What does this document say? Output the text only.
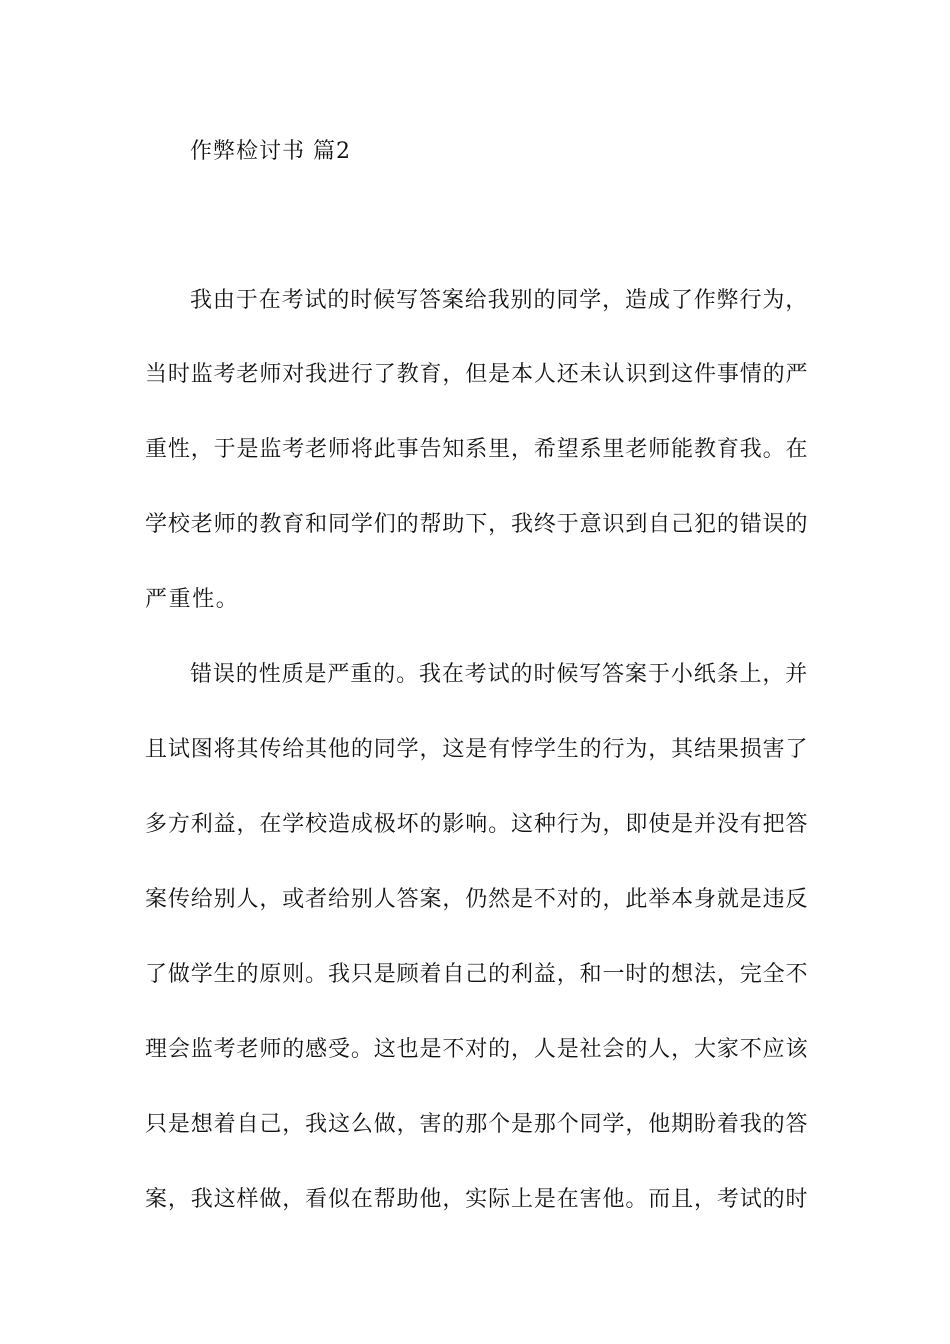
作弊检讨书 篇2
我由于在考试的时候写答案给我别的同学，造成了作弊行为，
当时监考老师对我进行了教育，但是本人还未认识到这件事情的严
重性，于是监考老师将此事告知系里，希望系里老师能教育我。在
学校老师的教育和同学们的帮助下，我终于意识到自己犯的错误的
严重性。
错误的性质是严重的。我在考试的时候写答案于小纸条上，并
且试图将其传给其他的同学，这是有悖学生的行为，其结果损害了
多方利益，在学校造成极坏的影响。这种行为，即使是并没有把答
案传给别人，或者给别人答案，仍然是不对的，此举本身就是违反
了做学生的原则。我只是顾着自己的利益，和一时的想法，完全不
理会监考老师的感受。这也是不对的，人是社会的人，大家不应该
只是想着自己，我这么做，害的那个是那个同学，他期盼着我的答
案，我这样做，看似在帮助他，实际上是在害他。而且，考试的时
